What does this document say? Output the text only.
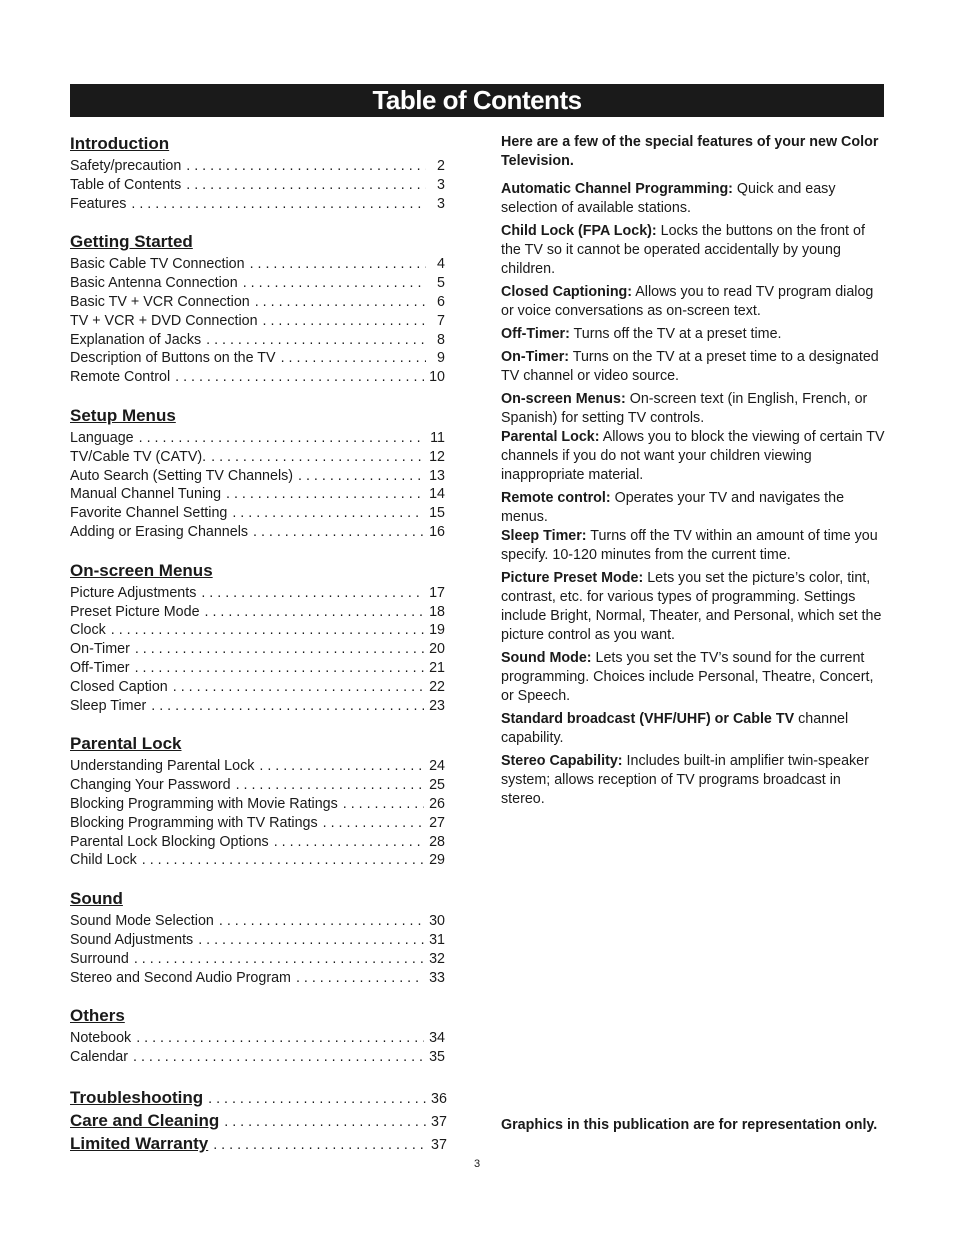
Table of Contents
Introduction
Safety/precaution . . .	2
Table of Contents . . .	3
Features . . .	3
Getting Started
Basic Cable TV Connection . . .	4
Basic Antenna Connection . . .	5
Basic TV + VCR Connection . . .	6
TV + VCR + DVD Connection . . .	7
Explanation of Jacks . . .	8
Description of Buttons on the TV . . .	9
Remote Control . . .	10
Setup Menus
Language . . .	11
TV/Cable TV (CATV). . . .	12
Auto Search (Setting TV Channels) . . .	13
Manual Channel Tuning . . .	14
Favorite Channel Setting . . .	15
Adding or Erasing Channels . . .	16
On-screen Menus
Picture Adjustments . . .	17
Preset Picture Mode . . .	18
Clock . . .	19
On-Timer . . .	20
Off-Timer . . .	21
Closed Caption . . .	22
Sleep Timer . . .	23
Parental Lock
Understanding Parental Lock . . .	24
Changing Your Password . . .	25
Blocking Programming with Movie Ratings . . .	26
Blocking Programming with TV Ratings . . .	27
Parental Lock Blocking Options . . .	28
Child Lock . . .	29
Sound
Sound Mode Selection . . .	30
Sound Adjustments . . .	31
Surround . . .	32
Stereo and Second Audio Program . . .	33
Others
Notebook . . .	34
Calendar . . .	35
Troubleshooting . . .	36
Care and Cleaning . . .	37
Limited Warranty . . .	37

Here are a few of the special features of your new Color Television.

Automatic Channel Programming: Quick and easy selection of available stations.

Child Lock (FPA Lock): Locks the buttons on the front of the TV so it cannot be operated accidentally by young children.

Closed Captioning: Allows you to read TV program dialog or voice conversations as on-screen text.

Off-Timer: Turns off the TV at a preset time.

On-Timer: Turns on the TV at a preset time to a designated TV channel or video source.

On-screen Menus: On-screen text (in English, French, or Spanish) for setting TV controls.

Parental Lock: Allows you to block the viewing of certain TV channels if you do not want your children viewing inappropriate material.

Remote control: Operates your TV and navigates the menus.

Sleep Timer: Turns off the TV within an amount of time you specify. 10-120 minutes from the current time.

Picture Preset Mode: Lets you set the picture’s color, tint, contrast, etc. for various types of programming. Settings include Bright, Normal, Theater, and Personal, which set the picture control as you want.

Sound Mode: Lets you set the TV’s sound for the current programming. Choices include Personal, Theatre, Concert, or Speech.

Standard broadcast (VHF/UHF) or Cable TV channel capability.

Stereo Capability: Includes built-in amplifier twin-speaker system; allows reception of TV programs broadcast in stereo.

Graphics in this publication are for representation only.
3
